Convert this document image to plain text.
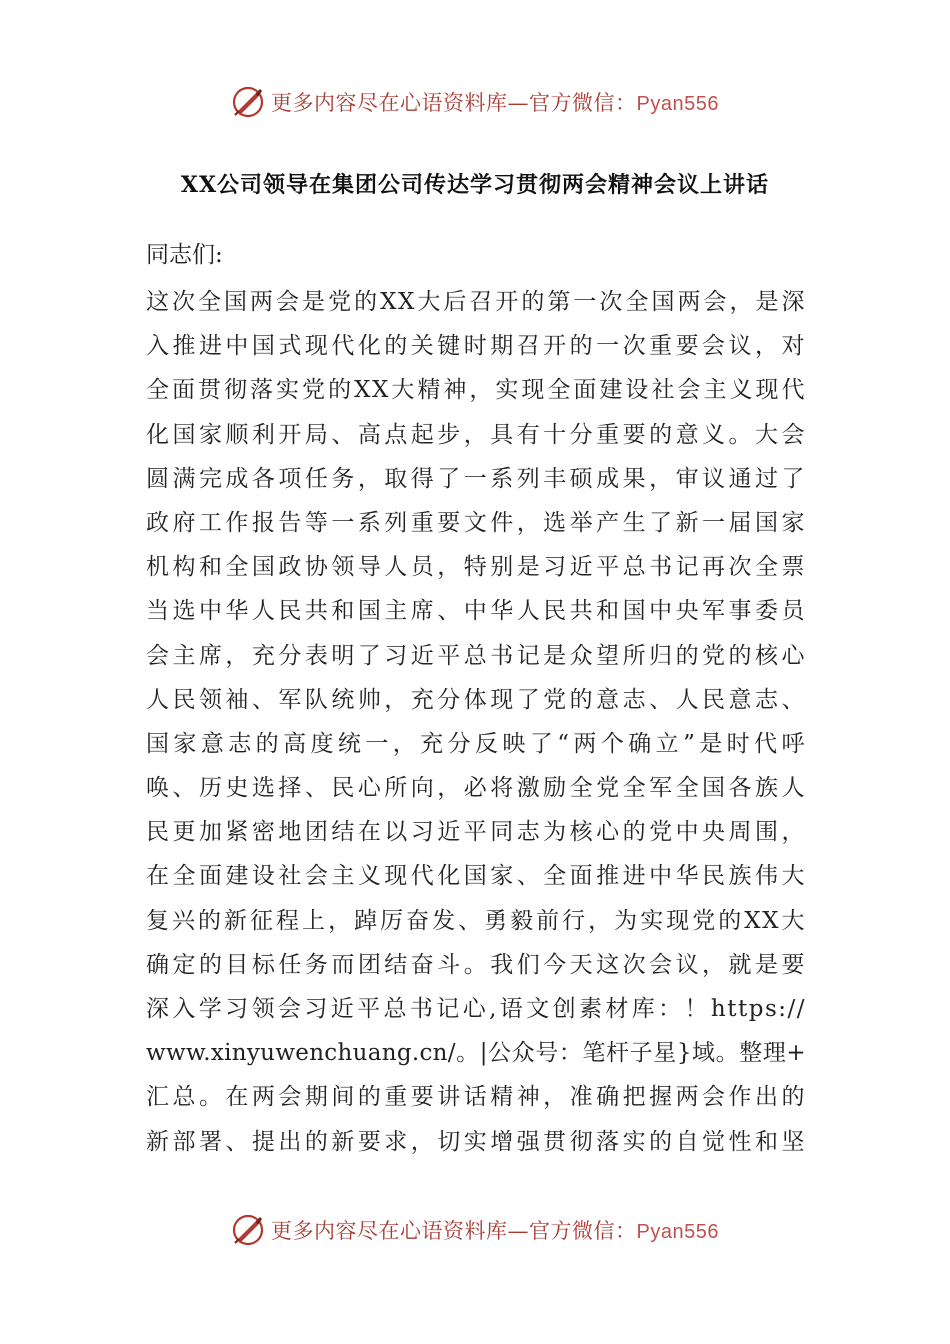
更多内容尽在心语资料库—官方微信：Pyan556
XX公司领导在集团公司传达学习贯彻两会精神会议上讲话
同志们:
这次全国两会是党的XX大后召开的第一次全国两会，是深
入推进中国式现代化的关键时期召开的一次重要会议，对
全面贯彻落实党的XX大精神，实现全面建设社会主义现代
化国家顺利开局、高点起步，具有十分重要的意义。大会
圆满完成各项任务，取得了一系列丰硕成果，审议通过了
政府工作报告等一系列重要文件，选举产生了新一届国家
机构和全国政协领导人员，特别是习近平总书记再次全票
当选中华人民共和国主席、中华人民共和国中央军事委员
会主席，充分表明了习近平总书记是众望所归的党的核心
人民领袖、军队统帅，充分体现了党的意志、人民意志、
国家意志的高度统一，充分反映了“两个确立”是时代呼
唤、历史选择、民心所向，必将激励全党全军全国各族人
民更加紧密地团结在以习近平同志为核心的党中央周围，
在全面建设社会主义现代化国家、全面推进中华民族伟大
复兴的新征程上，踔厉奋发、勇毅前行，为实现党的XX大
确定的目标任务而团结奋斗。我们今天这次会议，就是要
深入学习领会习近平总书记心,语文创素材库：！https://
www.xinyuwenchuang.cn/。|公众号：笔杆子星}域。整理+
汇总。在两会期间的重要讲话精神，准确把握两会作出的
新部署、提出的新要求，切实增强贯彻落实的自觉性和坚
更多内容尽在心语资料库—官方微信：Pyan556
